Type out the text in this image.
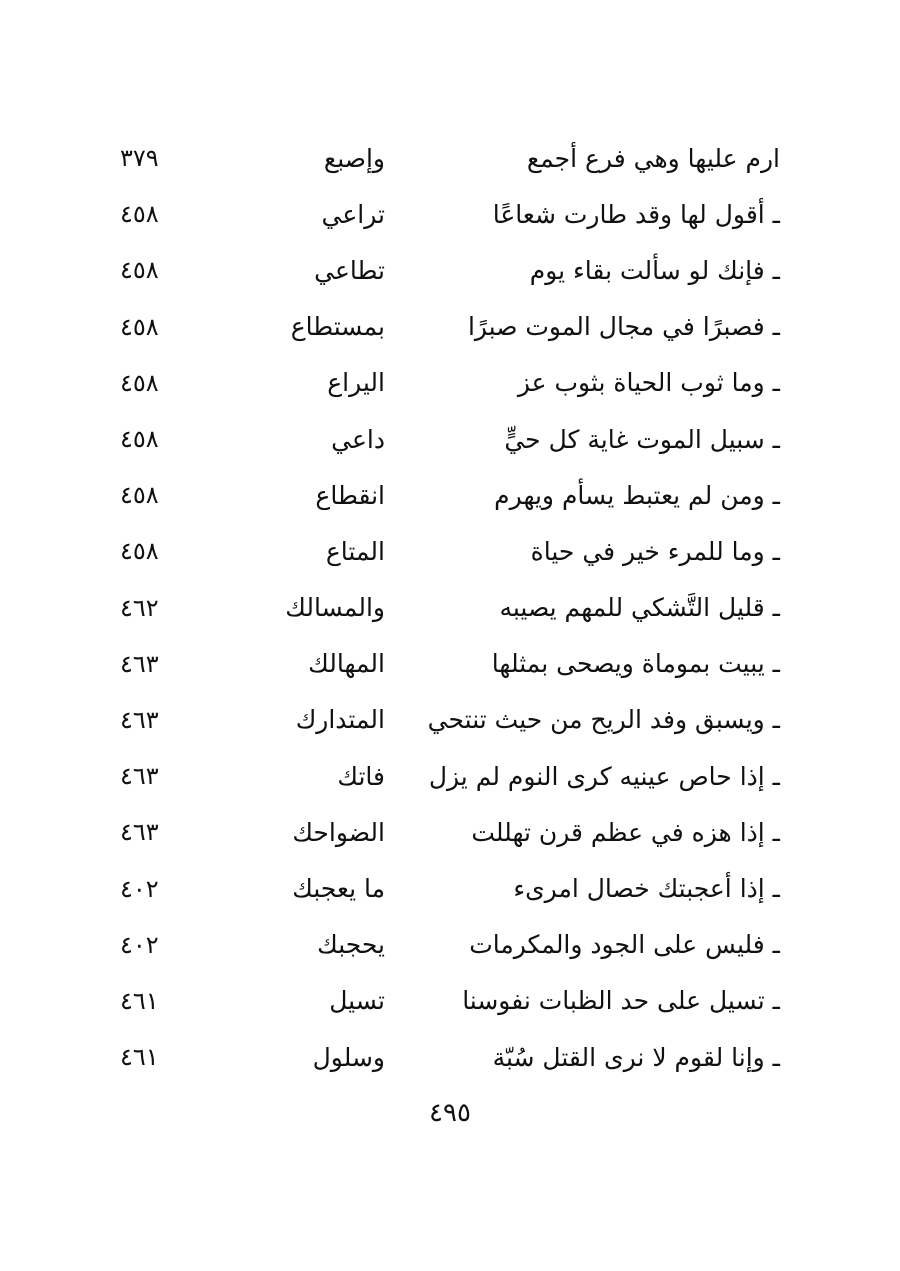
ارم عليها وهي فرع أجمع
وإصبع
٣٧٩
ـ أقول لها وقد طارت شعاعًا
تراعي
٤٥٨
ـ فإنك لو سألت بقاء يوم
تطاعي
٤٥٨
ـ فصبرًا في مجال الموت صبرًا
بمستطاع
٤٥٨
ـ وما ثوب الحياة بثوب عز
اليراع
٤٥٨
ـ سبيل الموت غاية كل حيٍّ
داعي
٤٥٨
ـ ومن لم يعتبط يسأم ويهرم
انقطاع
٤٥٨
ـ وما للمرء خير في حياة
المتاع
٤٥٨
ـ قليل التَّشكي للمهم يصيبه
والمسالك
٤٦٢
ـ يبيت بموماة ويصحى بمثلها
المهالك
٤٦٣
ـ ويسبق وفد الريح من حيث تنتحي
المتدارك
٤٦٣
ـ إذا حاص عينيه كرى النوم لم يزل
فاتك
٤٦٣
ـ إذا هزه في عظم قرن تهللت
الضواحك
٤٦٣
ـ إذا أعجبتك خصال امرىء
ما يعجبك
٤٠٢
ـ فليس على الجود والمكرمات
يحجبك
٤٠٢
ـ تسيل على حد الظبات نفوسنا
تسيل
٤٦١
ـ وإنا لقوم لا نرى القتل سُبّة
وسلول
٤٦١
٤٩٥
